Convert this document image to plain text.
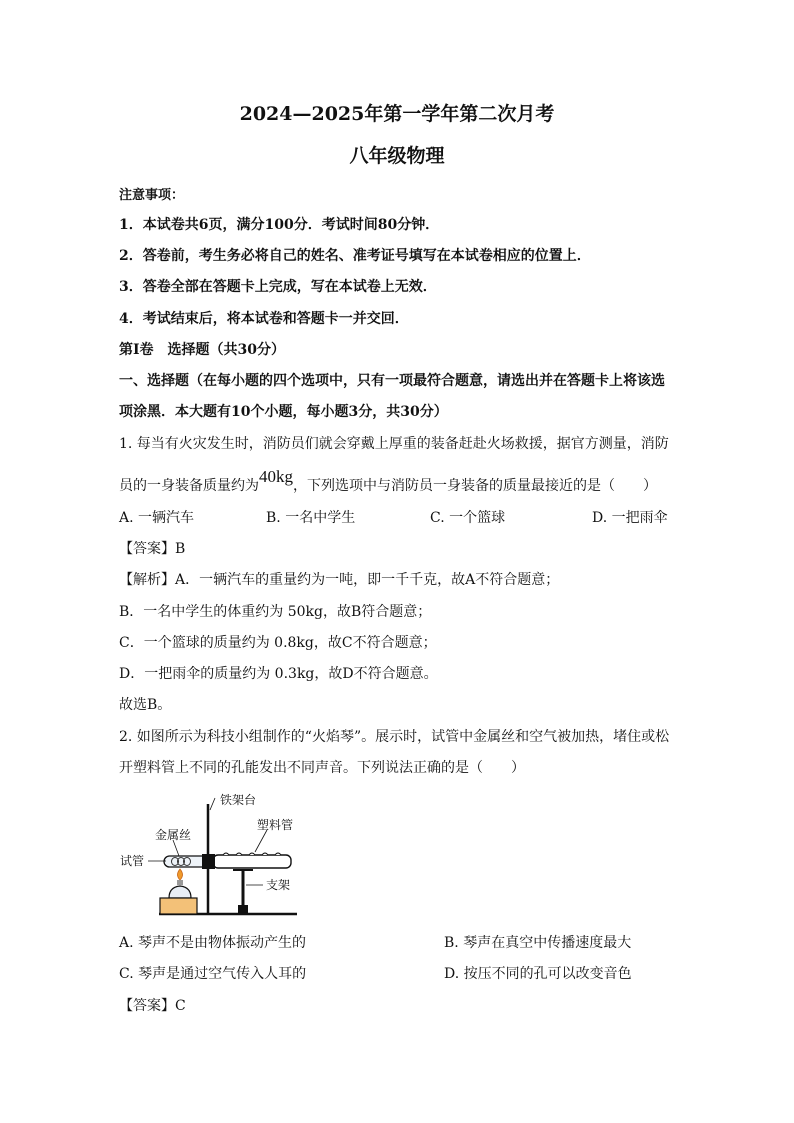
2024—2025年第一学年第二次月考
八年级物理
注意事项：
1．本试卷共6页，满分100分．考试时间80分钟．
2．答卷前，考生务必将自己的姓名、准考证号填写在本试卷相应的位置上．
3．答卷全部在答题卡上完成，写在本试卷上无效．
4．考试结束后，将本试卷和答题卡一并交回．
第Ⅰ卷　选择题（共30分）
一、选择题（在每小题的四个选项中，只有一项最符合题意，请选出并在答题卡上将该选
项涂黑．本大题有10个小题，每小题3分，共30分）
1. 每当有火灾发生时，消防员们就会穿戴上厚重的装备赶赴火场救援，据官方测量，消防
员的一身装备质量约为40kg，下列选项中与消防员一身装备的质量最接近的是（　　）
A. 一辆汽车	B. 一名中学生	C. 一个篮球	D. 一把雨伞
【答案】B
【解析】A．一辆汽车的重量约为一吨，即一千千克，故A不符合题意；
B．一名中学生的体重约为 50kg，故B符合题意；
C．一个篮球的质量约为 0.8kg，故C不符合题意；
D．一把雨伞的质量约为 0.3kg，故D不符合题意。
故选B。
2. 如图所示为科技小组制作的“火焰琴”。展示时，试管中金属丝和空气被加热，堵住或松
开塑料管上不同的孔能发出不同声音。下列说法正确的是（　　）
铁架台
金属丝
塑料管
试管
支架
A. 琴声不是由物体振动产生的	B. 琴声在真空中传播速度最大
C. 琴声是通过空气传入人耳的	D. 按压不同的孔可以改变音色
【答案】C
